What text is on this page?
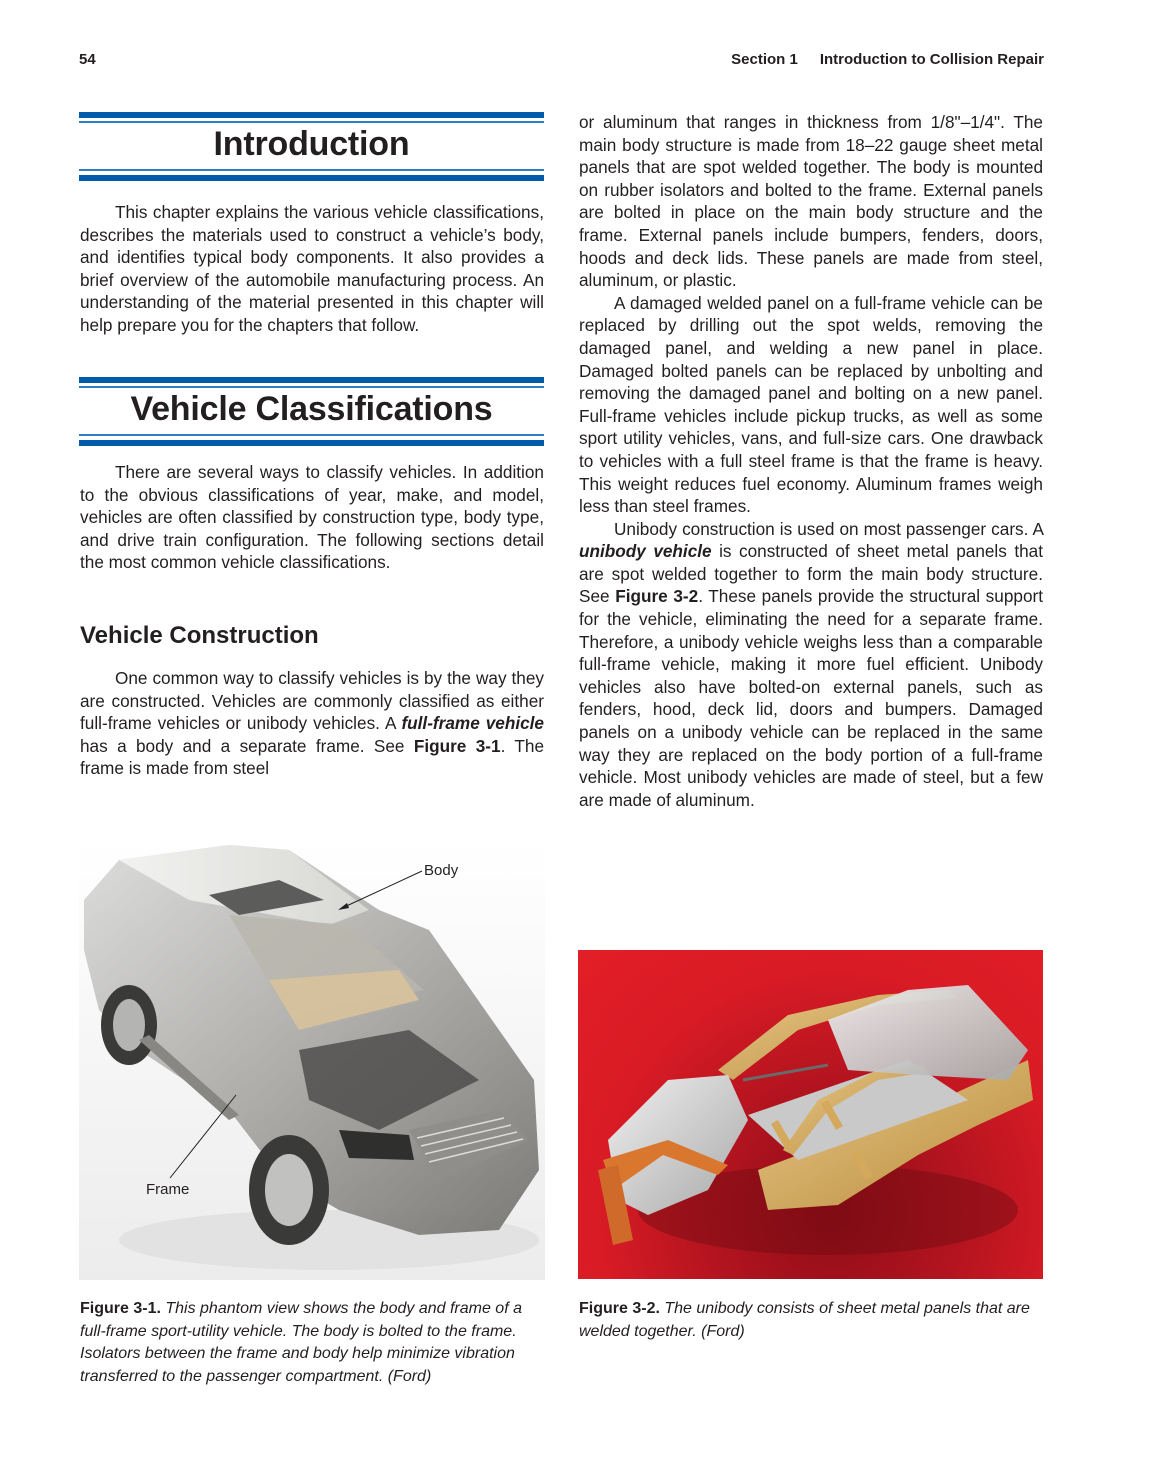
54	Section 1 Introduction to Collision Repair
Introduction

This chapter explains the various vehicle classifications, describes the materials used to construct a vehicle’s body, and identifies typical body components. It also provides a brief overview of the automobile manufacturing process. An understanding of the material presented in this chapter will help prepare you for the chapters that follow.

Vehicle Classifications

There are several ways to classify vehicles. In addition to the obvious classifications of year, make, and model, vehicles are often classified by construction type, body type, and drive train configuration. The following sections detail the most common vehicle classifications.

Vehicle Construction

One common way to classify vehicles is by the way they are constructed. Vehicles are commonly classified as either full-frame vehicles or unibody vehicles. A full-frame vehicle has a body and a separate frame. See Figure 3-1. The frame is made from steel

or aluminum that ranges in thickness from 1/8"–1/4". The main body structure is made from 18–22 gauge sheet metal panels that are spot welded together. The body is mounted on rubber isolators and bolted to the frame. External panels are bolted in place on the main body structure and the frame. External panels include bumpers, fenders, doors, hoods and deck lids. These panels are made from steel, aluminum, or plastic.

A damaged welded panel on a full-frame vehicle can be replaced by drilling out the spot welds, removing the damaged panel, and welding a new panel in place. Damaged bolted panels can be replaced by unbolting and removing the damaged panel and bolting on a new panel. Full-frame vehicles include pickup trucks, as well as some sport utility vehicles, vans, and full-size cars. One drawback to vehicles with a full steel frame is that the frame is heavy. This weight reduces fuel economy. Aluminum frames weigh less than steel frames.

Unibody construction is used on most passenger cars. A unibody vehicle is constructed of sheet metal panels that are spot welded together to form the main body structure. See Figure 3-2. These panels provide the structural support for the vehicle, eliminating the need for a separate frame. Therefore, a unibody vehicle weighs less than a comparable full-frame vehicle, making it more fuel efficient. Unibody vehicles also have bolted-on external panels, such as fenders, hood, deck lid, doors and bumpers. Damaged panels on a unibody vehicle can be replaced in the same way they are replaced on the body portion of a full-frame vehicle. Most unibody vehicles are made of steel, but a few are made of aluminum.

Body
Frame
Figure 3-1. This phantom view shows the body and frame of a full-frame sport-utility vehicle. The body is bolted to the frame. Isolators between the frame and body help minimize vibration transferred to the passenger compartment. (Ford)
Figure 3-2. The unibody consists of sheet metal panels that are welded together. (Ford)
